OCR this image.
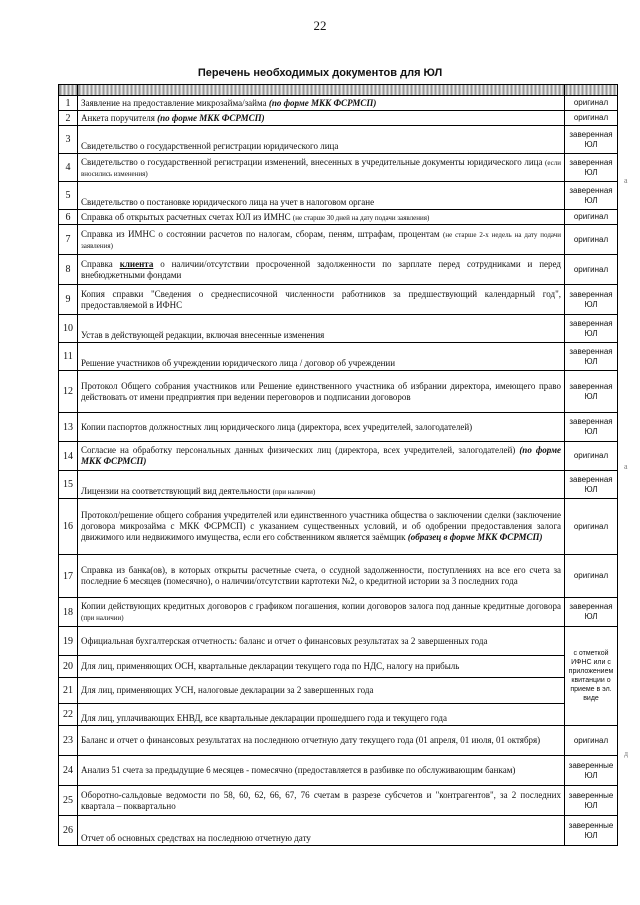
22
Перечень необходимых документов для ЮЛ

1	Заявление на предоставление микрозайма/займа (по форме МКК ФСРМСП)	оригинал
2	Анкета поручителя (по форме МКК ФСРМСП)	оригинал
3	Свидетельство о государственной регистрации юридического лица	заверенная ЮЛ
4	Свидетельство о государственной регистрации изменений, внесенных в учредительные документы юридического лица (если вносились изменения)	заверенная ЮЛ
5	Свидетельство о постановке юридического лица на учет в налоговом органе	заверенная ЮЛ
6	Справка об открытых расчетных счетах ЮЛ из ИМНС (не старше 30 дней на дату подачи заявления)	оригинал
7	Справка из ИМНС о состоянии расчетов по налогам, сборам, пеням, штрафам, процентам (не старше 2-х недель на дату подачи заявления)	оригинал
8	Справка клиента о наличии/отсутствии просроченной задолженности по зарплате перед сотрудниками и перед внебюджетными фондами	оригинал
9	Копия справки "Сведения о среднесписочной численности работников за предшествующий календарный год", предоставляемой в ИФНС	заверенная ЮЛ
10	Устав в действующей редакции, включая внесенные изменения	заверенная ЮЛ
11	Решение участников об учреждении юридического лица / договор об учреждении	заверенная ЮЛ
12	Протокол Общего собрания участников или Решение единственного участника об избрании директора, имеющего право действовать от имени предприятия при ведении переговоров и подписании договоров	заверенная ЮЛ
13	Копии паспортов должностных лиц юридического лица (директора, всех учредителей, залогодателей)	заверенная ЮЛ
14	Согласие на обработку персональных данных физических лиц (директора, всех учредителей, залогодателей) (по форме МКК ФСРМСП)	оригинал
15	Лицензии на соответствующий вид деятельности (при наличии)	заверенная ЮЛ
16	Протокол/решение общего собрания учредителей или единственного участника общества о заключении сделки (заключение договора микрозайма с МКК ФСРМСП) с указанием существенных условий, и об одобрении предоставления залога движимого или недвижимого имущества, если его собственником является заёмщик (образец в форме МКК ФСРМСП)	оригинал
17	Справка из банка(ов), в которых открыты расчетные счета, о ссудной задолженности, поступлениях на все его счета за последние 6 месяцев (помесячно), о наличии/отсутствии картотеки №2, о кредитной истории за 3 последних года	оригинал
18	Копии действующих кредитных договоров с графиком погашения, копии договоров залога под данные кредитные договора (при наличии)	заверенная ЮЛ
19	Официальная бухгалтерская отчетность: баланс и отчет о финансовых результатах за 2 завершенных года	с отметкой ИФНС или с приложением квитанции о приеме в эл. виде
20	Для лиц, применяющих ОСН, квартальные декларации текущего года по НДС, налогу на прибыль	
21	Для лиц, применяющих УСН, налоговые декларации за 2 завершенных года	
22	Для лиц, уплачивающих ЕНВД, все квартальные декларации прошедшего года и текущего года	
23	Баланс и отчет о финансовых результатах на последнюю отчетную дату текущего года (01 апреля, 01 июля, 01 октября)	оригинал
24	Анализ 51 счета за предыдущие 6 месяцев - помесячно (предоставляется в разбивке по обслуживающим банкам)	заверенные ЮЛ
25	Оборотно-сальдовые ведомости по 58, 60, 62, 66, 67, 76 счетам в разрезе субсчетов и "контрагентов", за 2 последних квартала – поквартально	заверенные ЮЛ
26	Отчет об основных средствах на последнюю отчетную дату	заверенные ЮЛ
а
а
д
